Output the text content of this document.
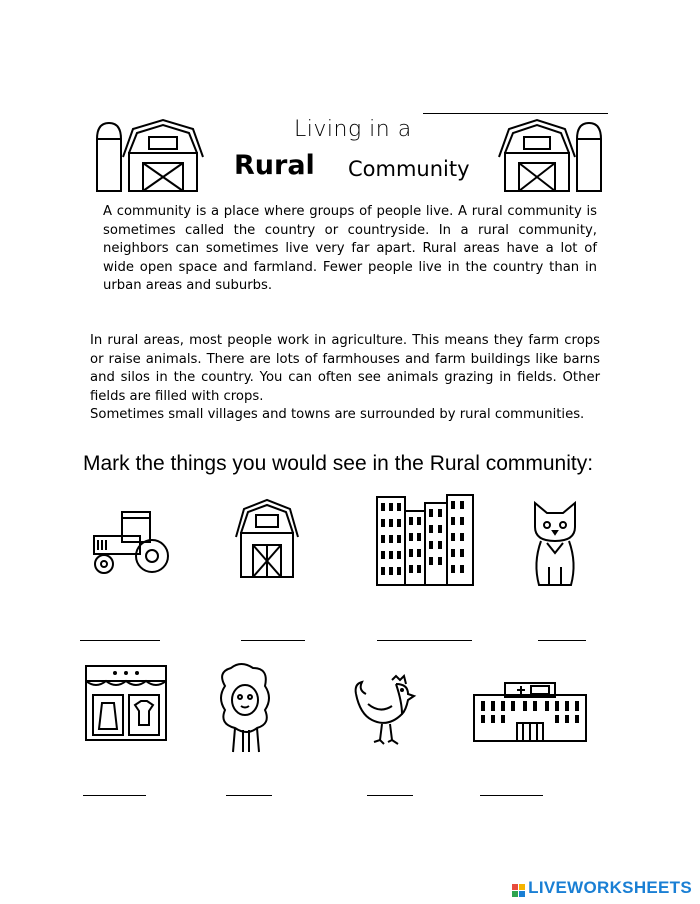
Living in a
Rural Community
A community is a place where groups of people live. A rural community is sometimes called the country or countryside. In a rural community, neighbors can sometimes live very far apart. Rural areas have a lot of wide open space and farmland. Fewer people live in the country than in urban areas and suburbs.
In rural areas, most people work in agriculture. This means they farm crops or raise animals. There are lots of farmhouses and farm buildings like barns and silos in the country. You can often see animals grazing in fields. Other fields are filled with crops.
Sometimes small villages and towns are surrounded by rural communities.
Mark the things you would see in the Rural community:
LIVEWORKSHEETS
